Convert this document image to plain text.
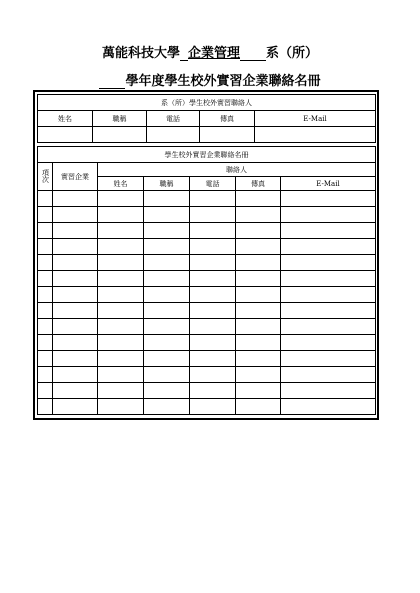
萬能科技大學 企業管理 系（所）
學年度學生校外實習企業聯絡名冊
系（所）學生校外實習聯絡人				
姓名	職稱	電話	傳真	E-Mail

學生校外實習企業聯絡名冊						
項次	實習企業	聯絡人				
		姓名	職稱	電話	傳真	E-Mail
